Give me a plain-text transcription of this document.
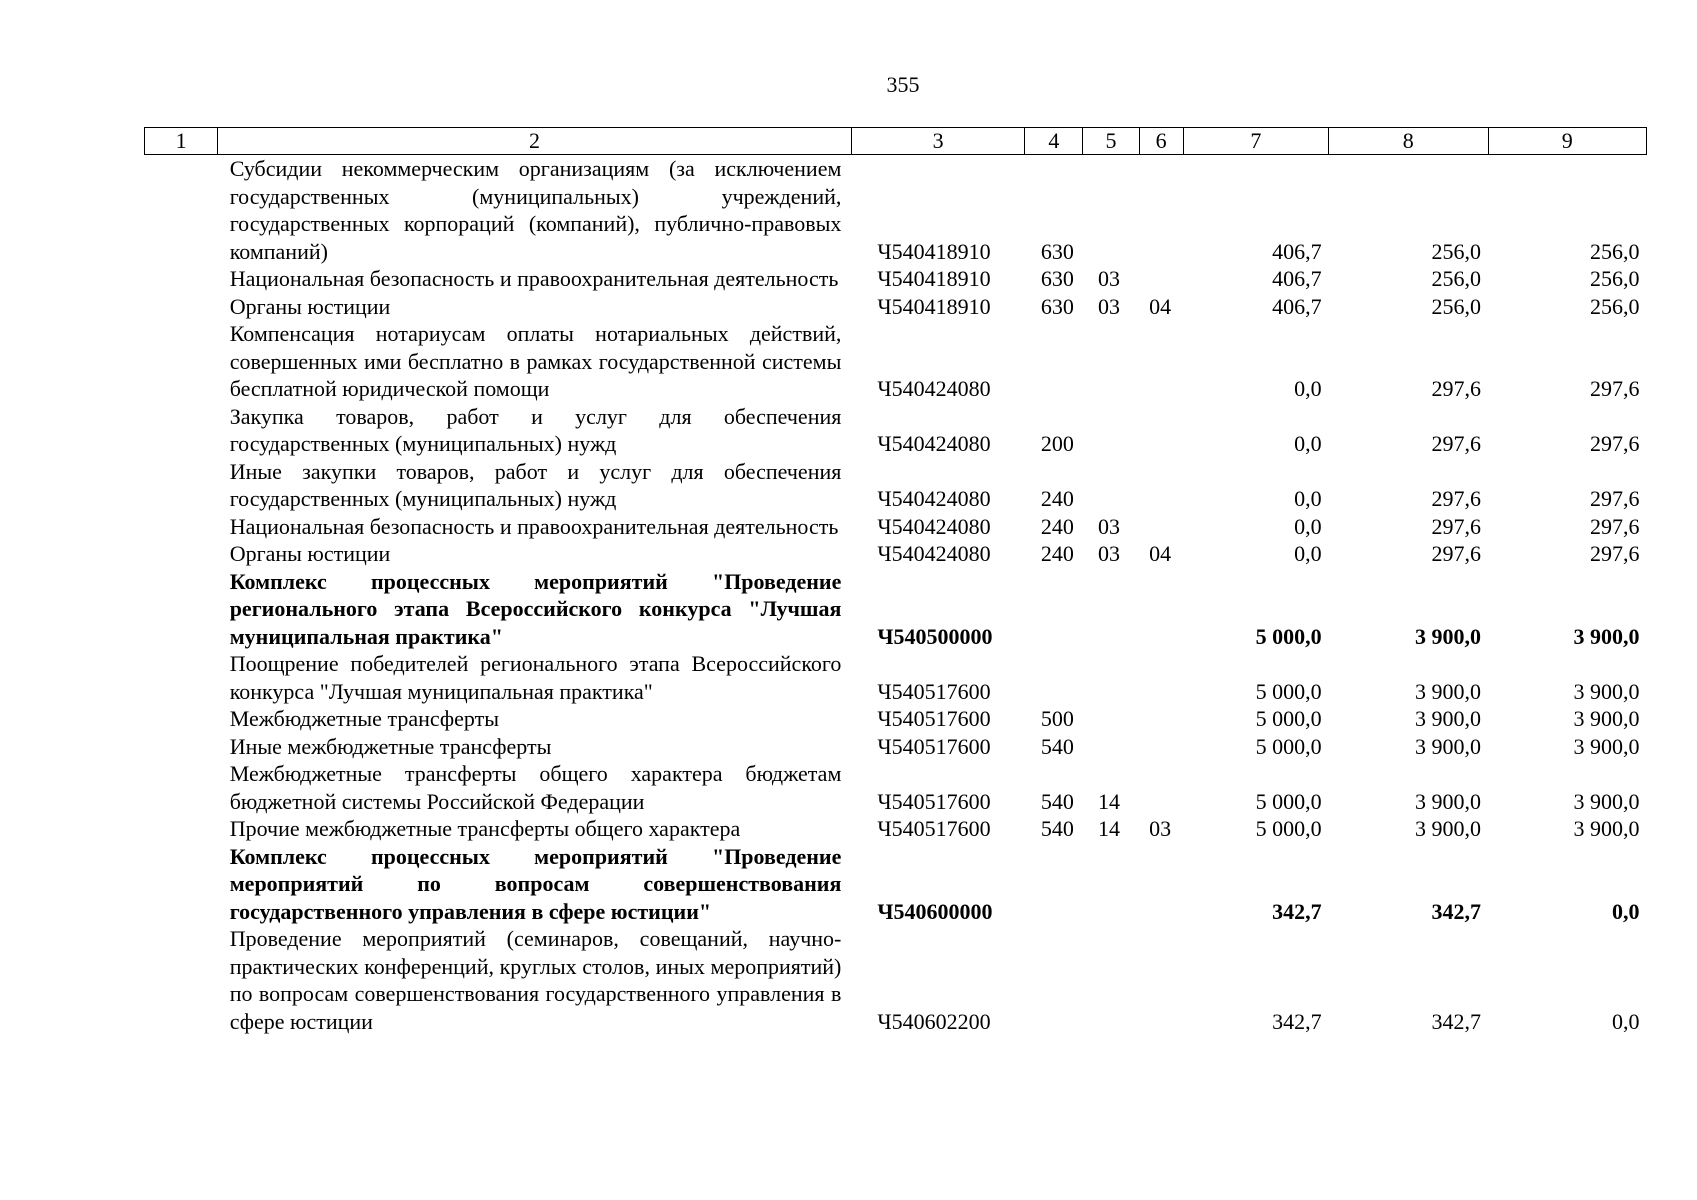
355
1	2	3	4	5	6	7	8	9
	Субсидии некоммерческим организациям (за исключением государственных (муниципальных) учреждений, государственных корпораций (компаний), публично-правовых компаний)	Ч540418910	630			406,7	256,0	256,0
	Национальная безопасность и правоохранительная деятельность	Ч540418910	630	03		406,7	256,0	256,0
	Органы юстиции	Ч540418910	630	03	04	406,7	256,0	256,0
	Компенсация нотариусам оплаты нотариальных действий, совершенных ими бесплатно в рамках государственной системы бесплатной юридической помощи	Ч540424080				0,0	297,6	297,6
	Закупка товаров, работ и услуг для обеспечения государственных (муниципальных) нужд	Ч540424080	200			0,0	297,6	297,6
	Иные закупки товаров, работ и услуг для обеспечения государственных (муниципальных) нужд	Ч540424080	240			0,0	297,6	297,6
	Национальная безопасность и правоохранительная деятельность	Ч540424080	240	03		0,0	297,6	297,6
	Органы юстиции	Ч540424080	240	03	04	0,0	297,6	297,6
	Комплекс процессных мероприятий "Проведение регионального этапа Всероссийского конкурса "Лучшая муниципальная практика"	Ч540500000				5 000,0	3 900,0	3 900,0
	Поощрение победителей регионального этапа Всероссийского конкурса "Лучшая муниципальная практика"	Ч540517600				5 000,0	3 900,0	3 900,0
	Межбюджетные трансферты	Ч540517600	500			5 000,0	3 900,0	3 900,0
	Иные межбюджетные трансферты	Ч540517600	540			5 000,0	3 900,0	3 900,0
	Межбюджетные трансферты общего характера бюджетам бюджетной системы Российской Федерации	Ч540517600	540	14		5 000,0	3 900,0	3 900,0
	Прочие межбюджетные трансферты общего характера	Ч540517600	540	14	03	5 000,0	3 900,0	3 900,0
	Комплекс процессных мероприятий "Проведение мероприятий по вопросам совершенствования государственного управления в сфере юстиции"	Ч540600000				342,7	342,7	0,0
	Проведение мероприятий (семинаров, совещаний, научно-практических конференций, круглых столов, иных мероприятий) по вопросам совершенствования государственного управления в сфере юстиции	Ч540602200				342,7	342,7	0,0
